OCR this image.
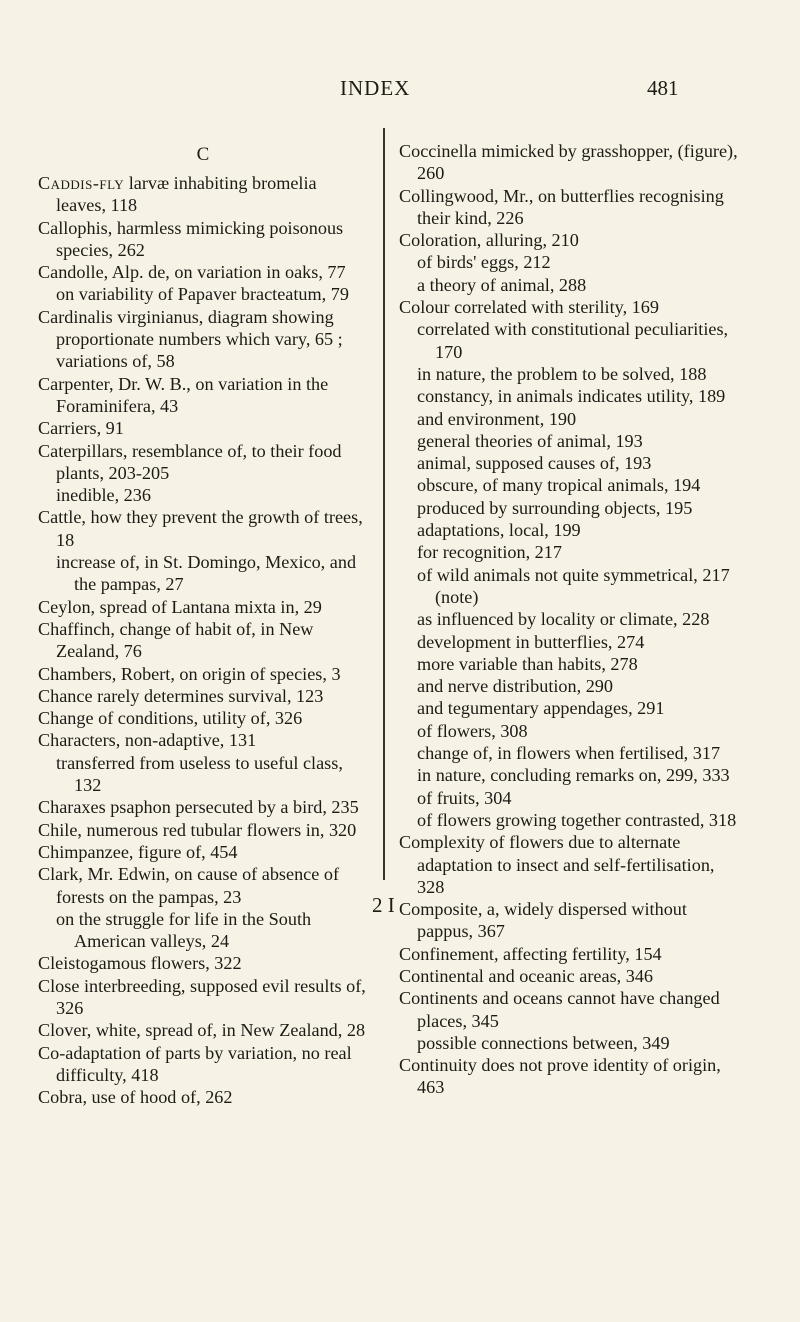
INDEX	481
C
Caddis-fly larvæ inhabiting bromelia leaves, 118
Callophis, harmless mimicking poisonous species, 262
Candolle, Alp. de, on variation in oaks, 77
on variability of Papaver bracteatum, 79
Cardinalis virginianus, diagram showing proportionate numbers which vary, 65 ; variations of, 58
Carpenter, Dr. W. B., on variation in the Foraminifera, 43
Carriers, 91
Caterpillars, resemblance of, to their food plants, 203-205
inedible, 236
Cattle, how they prevent the growth of trees, 18
increase of, in St. Domingo, Mexico, and the pampas, 27
Ceylon, spread of Lantana mixta in, 29
Chaffinch, change of habit of, in New Zealand, 76
Chambers, Robert, on origin of species, 3
Chance rarely determines survival, 123
Change of conditions, utility of, 326
Characters, non-adaptive, 131
transferred from useless to useful class, 132
Charaxes psaphon persecuted by a bird, 235
Chile, numerous red tubular flowers in, 320
Chimpanzee, figure of, 454
Clark, Mr. Edwin, on cause of absence of forests on the pampas, 23
on the struggle for life in the South American valleys, 24
Cleistogamous flowers, 322
Close interbreeding, supposed evil results of, 326
Clover, white, spread of, in New Zealand, 28
Co-adaptation of parts by variation, no real difficulty, 418
Cobra, use of hood of, 262
Coccinella mimicked by grasshopper, (figure), 260
Collingwood, Mr., on butterflies recognising their kind, 226
Coloration, alluring, 210
of birds' eggs, 212
a theory of animal, 288
Colour correlated with sterility, 169
correlated with constitutional peculiarities, 170
in nature, the problem to be solved, 188
constancy, in animals indicates utility, 189
and environment, 190
general theories of animal, 193
animal, supposed causes of, 193
obscure, of many tropical animals, 194
produced by surrounding objects, 195
adaptations, local, 199
for recognition, 217
of wild animals not quite symmetrical, 217 (note)
as influenced by locality or climate, 228
development in butterflies, 274
more variable than habits, 278
and nerve distribution, 290
and tegumentary appendages, 291
of flowers, 308
change of, in flowers when fertilised, 317
in nature, concluding remarks on, 299, 333
of fruits, 304
of flowers growing together contrasted, 318
Complexity of flowers due to alternate adaptation to insect and self-fertilisation, 328
Composite, a, widely dispersed without pappus, 367
Confinement, affecting fertility, 154
Continental and oceanic areas, 346
Continents and oceans cannot have changed places, 345
possible connections between, 349
Continuity does not prove identity of origin, 463
2 I
